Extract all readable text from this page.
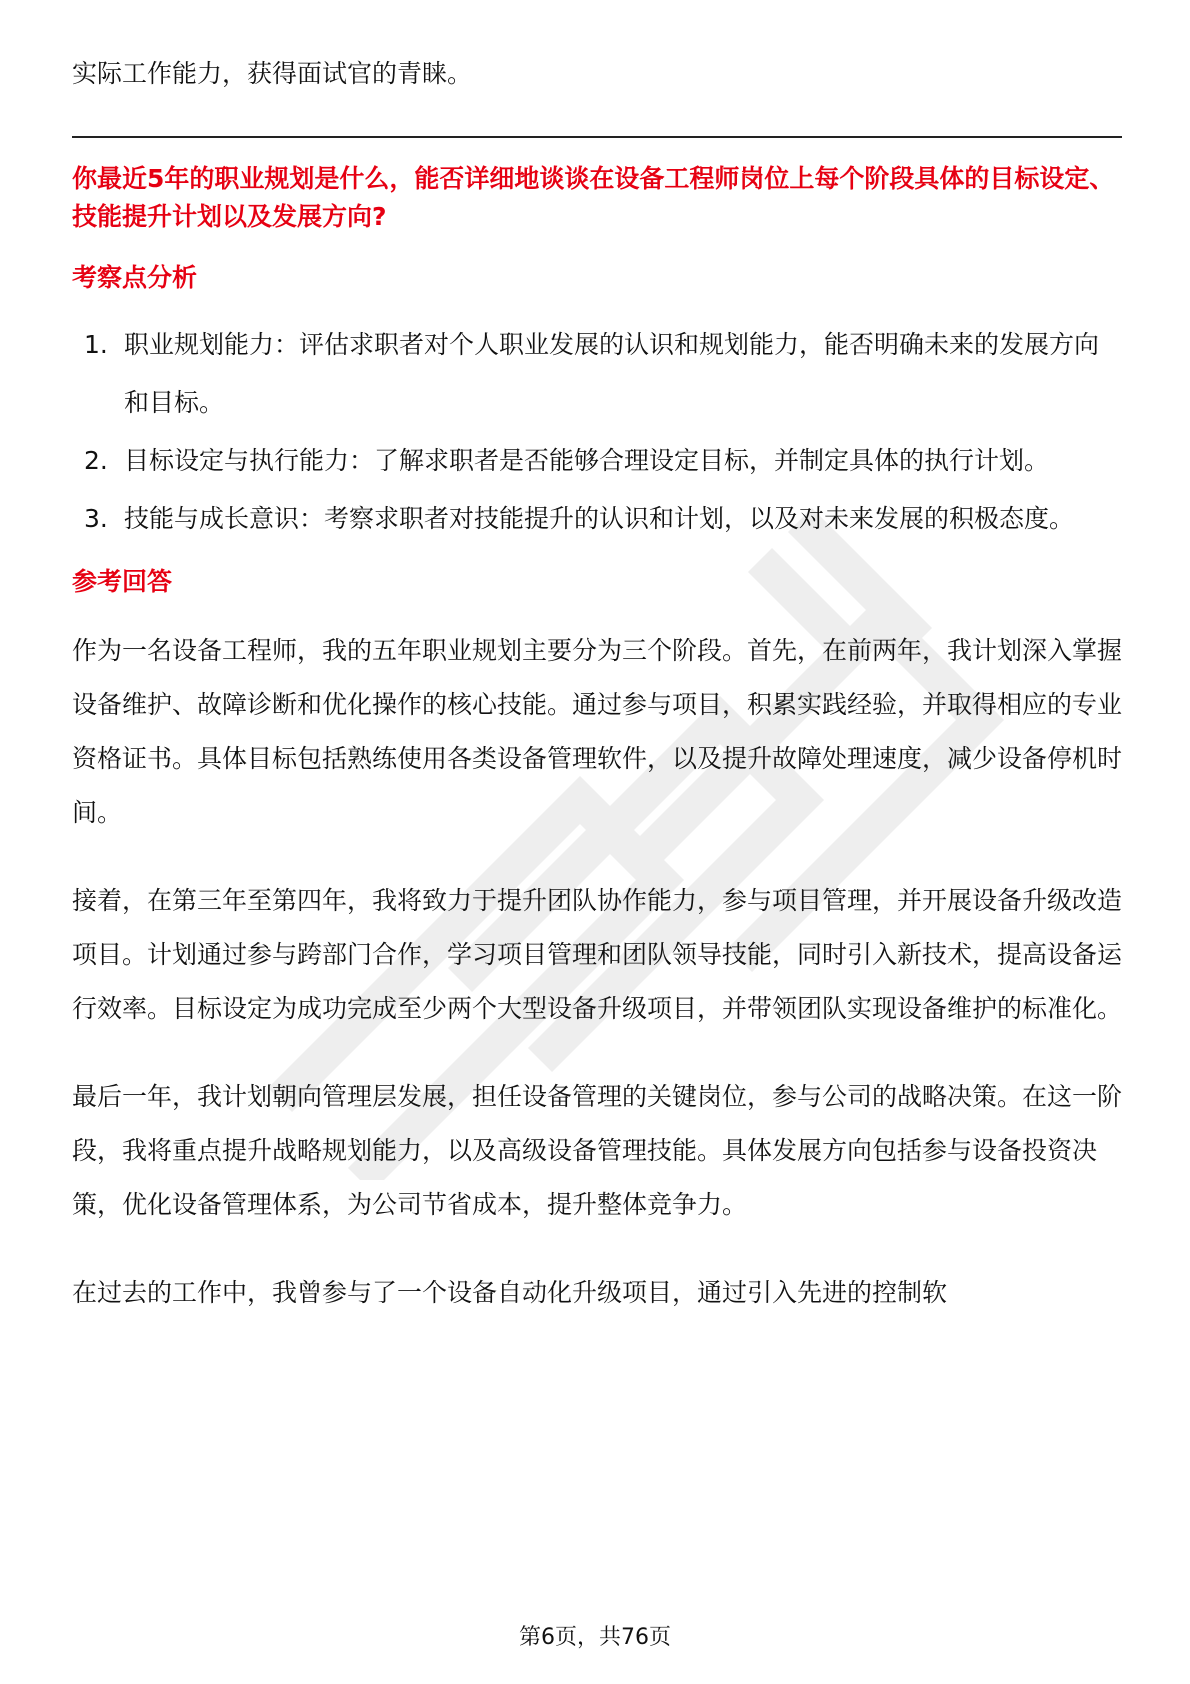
实际工作能力，获得面试官的青睐。

你最近5年的职业规划是什么，能否详细地谈谈在设备工程师岗位上每个阶段具体的目标设定、技能提升计划以及发展方向?

考察点分析
1. 职业规划能力：评估求职者对个人职业发展的认识和规划能力，能否明确未来的发展方向和目标。
2. 目标设定与执行能力：了解求职者是否能够合理设定目标，并制定具体的执行计划。
3. 技能与成长意识：考察求职者对技能提升的认识和计划，以及对未来发展的积极态度。
参考回答

作为一名设备工程师，我的五年职业规划主要分为三个阶段。首先，在前两年，我计划深入掌握设备维护、故障诊断和优化操作的核心技能。通过参与项目，积累实践经验，并取得相应的专业资格证书。具体目标包括熟练使用各类设备管理软件，以及提升故障处理速度，减少设备停机时间。

接着，在第三年至第四年，我将致力于提升团队协作能力，参与项目管理，并开展设备升级改造项目。计划通过参与跨部门合作，学习项目管理和团队领导技能，同时引入新技术，提高设备运行效率。目标设定为成功完成至少两个大型设备升级项目，并带领团队实现设备维护的标准化。

最后一年，我计划朝向管理层发展，担任设备管理的关键岗位，参与公司的战略决策。在这一阶段，我将重点提升战略规划能力，以及高级设备管理技能。具体发展方向包括参与设备投资决策，优化设备管理体系，为公司节省成本，提升整体竞争力。

在过去的工作中，我曾参与了一个设备自动化升级项目，通过引入先进的控制软

第6页，共76页
